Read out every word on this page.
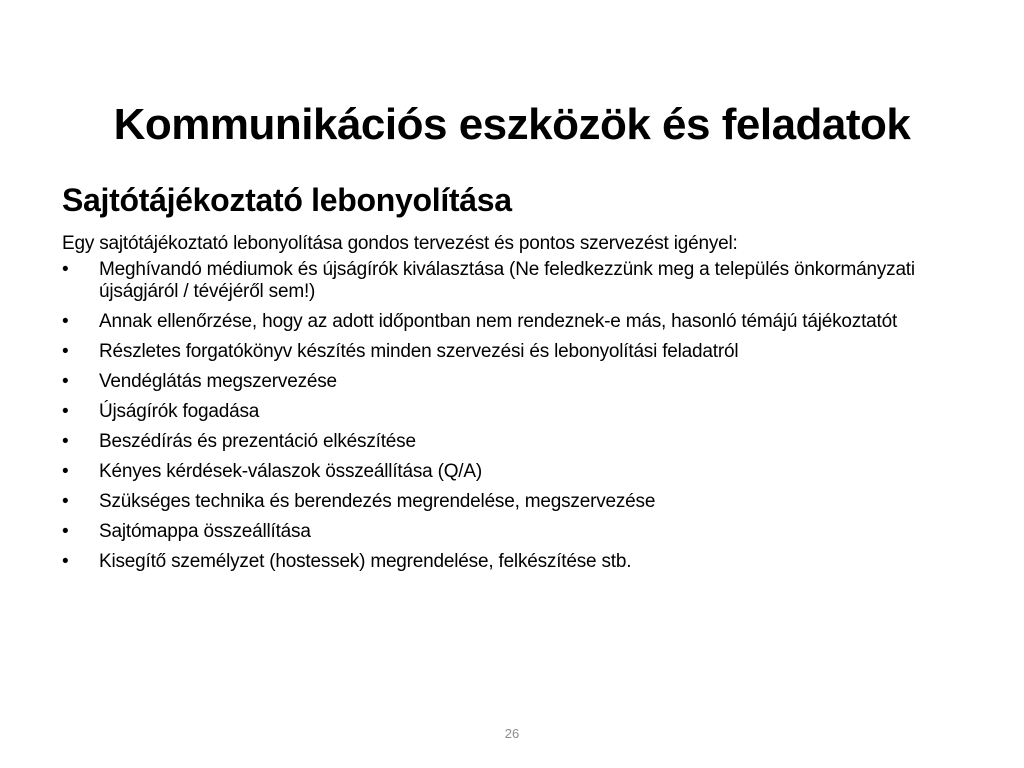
Kommunikációs eszközök és feladatok
Sajtótájékoztató lebonyolítása
Egy sajtótájékoztató lebonyolítása gondos tervezést és pontos szervezést igényel:
•	Meghívandó médiumok és újságírók kiválasztása (Ne feledkezzünk meg a település önkormányzati újságjáról / tévéjéről sem!)
•	Annak ellenőrzése, hogy az adott időpontban nem rendeznek-e más, hasonló témájú tájékoztatót
•	Részletes forgatókönyv készítés minden szervezési és lebonyolítási feladatról
•	Vendéglátás megszervezése
•	Újságírók fogadása
•	Beszédírás és prezentáció elkészítése
•	Kényes kérdések-válaszok összeállítása (Q/A)
•	Szükséges technika és berendezés megrendelése, megszervezése
•	Sajtómappa összeállítása
•	Kisegítő személyzet (hostessek) megrendelése, felkészítése stb.
26
